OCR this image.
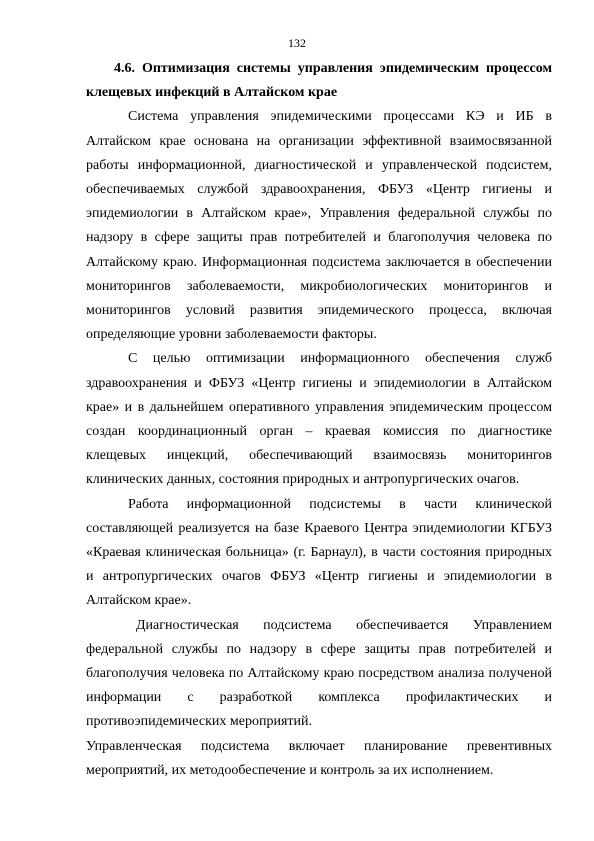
132

4.6. Оптимизация системы управления эпидемическим процессом клещевых инфекций в Алтайском крае

Система управления эпидемическими процессами КЭ и ИБ в Алтайском крае основана на организации эффективной взаимосвязанной работы информационной, диагностической и управленческой подсистем, обеспечиваемых службой здравоохранения, ФБУЗ «Центр гигиены и эпидемиологии в Алтайском крае», Управления федеральной службы по надзору в сфере защиты прав потребителей и благополучия человека по Алтайскому краю. Информационная подсистема заключается в обеспечении мониторингов заболеваемости, микробиологических мониторингов и мониторингов условий развития эпидемического процесса, включая определяющие уровни заболеваемости факторы.

С целью оптимизации информационного обеспечения служб здравоохранения и ФБУЗ «Центр гигиены и эпидемиологии в Алтайском крае» и в дальнейшем оперативного управления эпидемическим процессом создан координационный орган – краевая комиссия по диагностике клещевых инцекций, обеспечивающий взаимосвязь мониторингов клинических данных, состояния природных и антропургических очагов.

Работа информационной подсистемы в части клинической составляющей реализуется на базе Краевого Центра эпидемиологии КГБУЗ «Краевая клиническая больница» (г. Барнаул), в части состояния природных и антропургических очагов ФБУЗ «Центр гигиены и эпидемиологии в Алтайском крае».

Диагностическая подсистема обеспечивается Управлением федеральной службы по надзору в сфере защиты прав потребителей и благополучия человека по Алтайскому краю посредством анализа полученой информации с разработкой комплекса профилактических и противоэпидемических мероприятий.

Управленческая подсистема включает планирование превентивных мероприятий, их методообеспечение и контроль за их исполнением.
